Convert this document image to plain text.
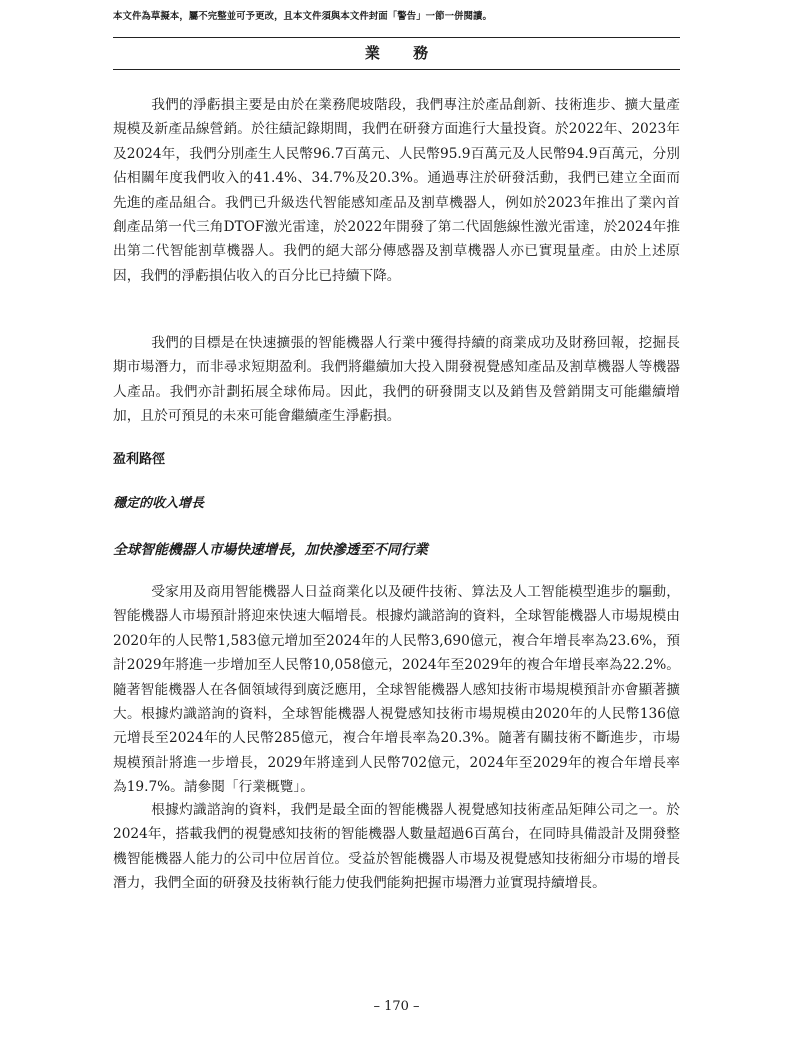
本文件為草擬本，屬不完整並可予更改，且本文件須與本文件封面「警告」一節一併閱讀。
業 務

我們的淨虧損主要是由於在業務爬坡階段，我們專注於產品創新、技術進步、擴大量產規模及新產品線營銷。於往績記錄期間，我們在研發方面進行大量投資。於2022年、2023年及2024年，我們分別產生人民幣96.7百萬元、人民幣95.9百萬元及人民幣94.9百萬元，分別佔相關年度我們收入的41.4%、34.7%及20.3%。通過專注於研發活動，我們已建立全面而先進的產品組合。我們已升級迭代智能感知產品及割草機器人，例如於2023年推出了業內首創產品第一代三角DTOF激光雷達，於2022年開發了第二代固態線性激光雷達，於2024年推出第二代智能割草機器人。我們的絕大部分傳感器及割草機器人亦已實現量產。由於上述原因，我們的淨虧損佔收入的百分比已持續下降。

我們的目標是在快速擴張的智能機器人行業中獲得持續的商業成功及財務回報，挖掘長期市場潛力，而非尋求短期盈利。我們將繼續加大投入開發視覺感知產品及割草機器人等機器人產品。我們亦計劃拓展全球佈局。因此，我們的研發開支以及銷售及營銷開支可能繼續增加，且於可預見的未來可能會繼續產生淨虧損。

盈利路徑
穩定的收入增長
全球智能機器人市場快速增長，加快滲透至不同行業

受家用及商用智能機器人日益商業化以及硬件技術、算法及人工智能模型進步的驅動，智能機器人市場預計將迎來快速大幅增長。根據灼識諮詢的資料，全球智能機器人市場規模由2020年的人民幣1,583億元增加至2024年的人民幣3,690億元，複合年增長率為23.6%，預計2029年將進一步增加至人民幣10,058億元，2024年至2029年的複合年增長率為22.2%。隨著智能機器人在各個領域得到廣泛應用，全球智能機器人感知技術市場規模預計亦會顯著擴大。根據灼識諮詢的資料，全球智能機器人視覺感知技術市場規模由2020年的人民幣136億元增長至2024年的人民幣285億元，複合年增長率為20.3%。隨著有關技術不斷進步，市場規模預計將進一步增長，2029年將達到人民幣702億元，2024年至2029年的複合年增長率為19.7%。請參閱「行業概覽」。

根據灼識諮詢的資料，我們是最全面的智能機器人視覺感知技術產品矩陣公司之一。於2024年，搭載我們的視覺感知技術的智能機器人數量超過6百萬台，在同時具備設計及開發整機智能機器人能力的公司中位居首位。受益於智能機器人市場及視覺感知技術細分市場的增長潛力，我們全面的研發及技術執行能力使我們能夠把握市場潛力並實現持續增長。

– 170 –
